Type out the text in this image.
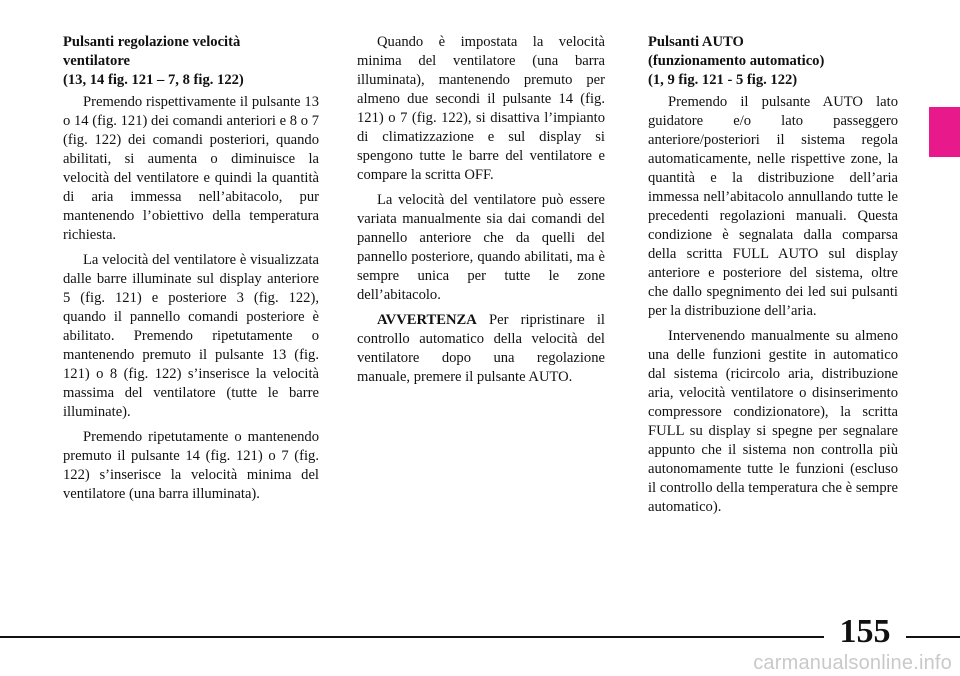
Pulsanti regolazione velocità
ventilatore
(13, 14 fig. 121 – 7, 8 fig. 122)

Premendo rispettivamente il pulsante 13 o 14 (fig. 121) dei comandi anteriori e 8 o 7 (fig. 122) dei comandi posteriori, quando abilitati, si aumenta o diminuisce la velocità del ventilatore e quindi la quantità di aria immessa nell’abitacolo, pur mantenendo l’obiettivo della temperatura richiesta.

La velocità del ventilatore è visualizzata dalle barre illuminate sul display anteriore 5 (fig. 121) e posteriore 3 (fig. 122), quando il pannello comandi posteriore è abilitato. Premendo ripetutamente o mantenendo premuto il pulsante 13 (fig. 121) o 8 (fig. 122) s’inserisce la velocità massima del ventilatore (tutte le barre illuminate).

Premendo ripetutamente o mantenendo premuto il pulsante 14 (fig. 121) o 7 (fig. 122) s’inserisce la velocità minima del ventilatore (una barra illuminata).

Quando è impostata la velocità minima del ventilatore (una barra illuminata), mantenendo premuto per almeno due secondi il pulsante 14 (fig. 121) o 7 (fig. 122), si disattiva l’impianto di climatizzazione e sul display si spengono tutte le barre del ventilatore e compare la scritta OFF.

La velocità del ventilatore può essere variata manualmente sia dai comandi del pannello anteriore che da quelli del pannello posteriore, quando abilitati, ma è sempre unica per tutte le zone dell’abitacolo.

AVVERTENZA Per ripristinare il controllo automatico della velocità del ventilatore dopo una regolazione manuale, premere il pulsante AUTO.

Pulsanti AUTO
(funzionamento automatico)
(1, 9 fig. 121 - 5 fig. 122)

Premendo il pulsante AUTO lato guidatore e/o lato passeggero anteriore/posteriori il sistema regola automaticamente, nelle rispettive zone, la quantità e la distribuzione dell’aria immessa nell’abitacolo annullando tutte le precedenti regolazioni manuali. Questa condizione è segnalata dalla comparsa della scritta FULL AUTO sul display anteriore e posteriore del sistema, oltre che dallo spegnimento dei led sui pulsanti per la distribuzione dell’aria.

Intervenendo manualmente su almeno una delle funzioni gestite in automatico dal sistema (ricircolo aria, distribuzione aria, velocità ventilatore o disinserimento compressore condizionatore), la scritta FULL su display si spegne per segnalare appunto che il sistema non controlla più autonomamente tutte le funzioni (escluso il controllo della temperatura che è sempre automatico).

155
carmanualsonline.info
